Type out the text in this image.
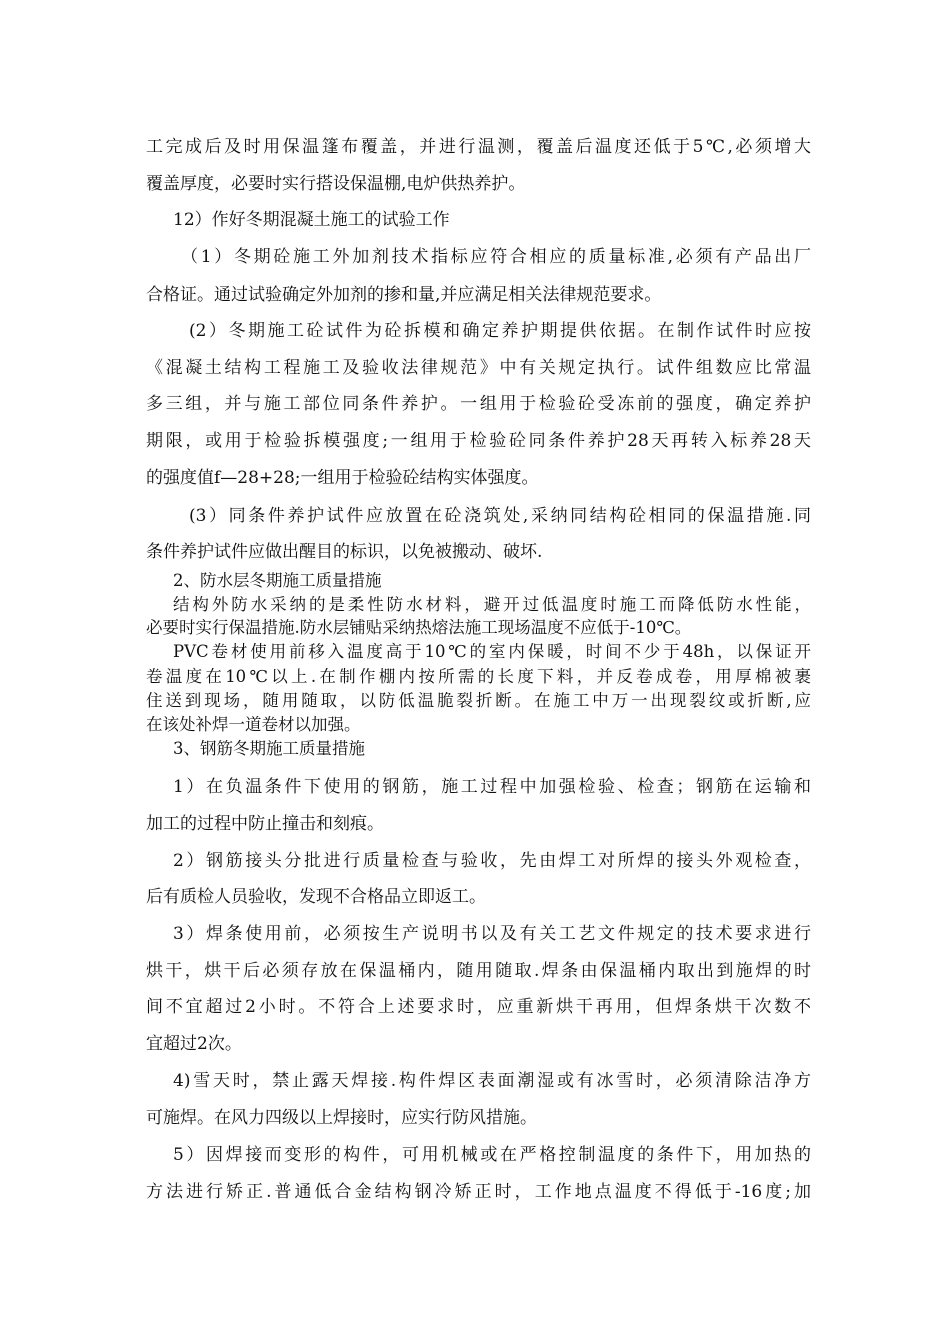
工完成后及时用保温篷布覆盖，并进行温测，覆盖后温度还低于5℃,必须增大
覆盖厚度，必要时实行搭设保温棚,电炉供热养护。
12）作好冬期混凝土施工的试验工作
（1）冬期砼施工外加剂技术指标应符合相应的质量标准,必须有产品出厂
合格证。通过试验确定外加剂的掺和量,并应满足相关法律规范要求。
(2）冬期施工砼试件为砼拆模和确定养护期提供依据。在制作试件时应按
《混凝土结构工程施工及验收法律规范》中有关规定执行。试件组数应比常温
多三组，并与施工部位同条件养护。一组用于检验砼受冻前的强度，确定养护
期限，或用于检验拆模强度;一组用于检验砼同条件养护28天再转入标养28天
的强度值f—28+28;一组用于检验砼结构实体强度。
(3）同条件养护试件应放置在砼浇筑处,采纳同结构砼相同的保温措施.同
条件养护试件应做出醒目的标识，以免被搬动、破坏.
2、防水层冬期施工质量措施
结构外防水采纳的是柔性防水材料，避开过低温度时施工而降低防水性能，
必要时实行保温措施.防水层铺贴采纳热熔法施工现场温度不应低于-10℃。
PVC卷材使用前移入温度高于10℃的室内保暖，时间不少于48h，以保证开
卷温度在10℃以上.在制作棚内按所需的长度下料，并反卷成卷，用厚棉被裹
住送到现场，随用随取，以防低温脆裂折断。在施工中万一出现裂纹或折断,应
在该处补焊一道卷材以加强。
3、钢筋冬期施工质量措施
1）在负温条件下使用的钢筋，施工过程中加强检验、检查；钢筋在运输和
加工的过程中防止撞击和刻痕。
2）钢筋接头分批进行质量检查与验收，先由焊工对所焊的接头外观检查，
后有质检人员验收，发现不合格品立即返工。
3）焊条使用前，必须按生产说明书以及有关工艺文件规定的技术要求进行
烘干，烘干后必须存放在保温桶内，随用随取.焊条由保温桶内取出到施焊的时
间不宜超过2小时。不符合上述要求时，应重新烘干再用，但焊条烘干次数不
宜超过2次。
4)雪天时，禁止露天焊接.构件焊区表面潮湿或有冰雪时，必须清除洁净方
可施焊。在风力四级以上焊接时，应实行防风措施。
5）因焊接而变形的构件，可用机械或在严格控制温度的条件下，用加热的
方法进行矫正.普通低合金结构钢冷矫正时，工作地点温度不得低于-16度;加
